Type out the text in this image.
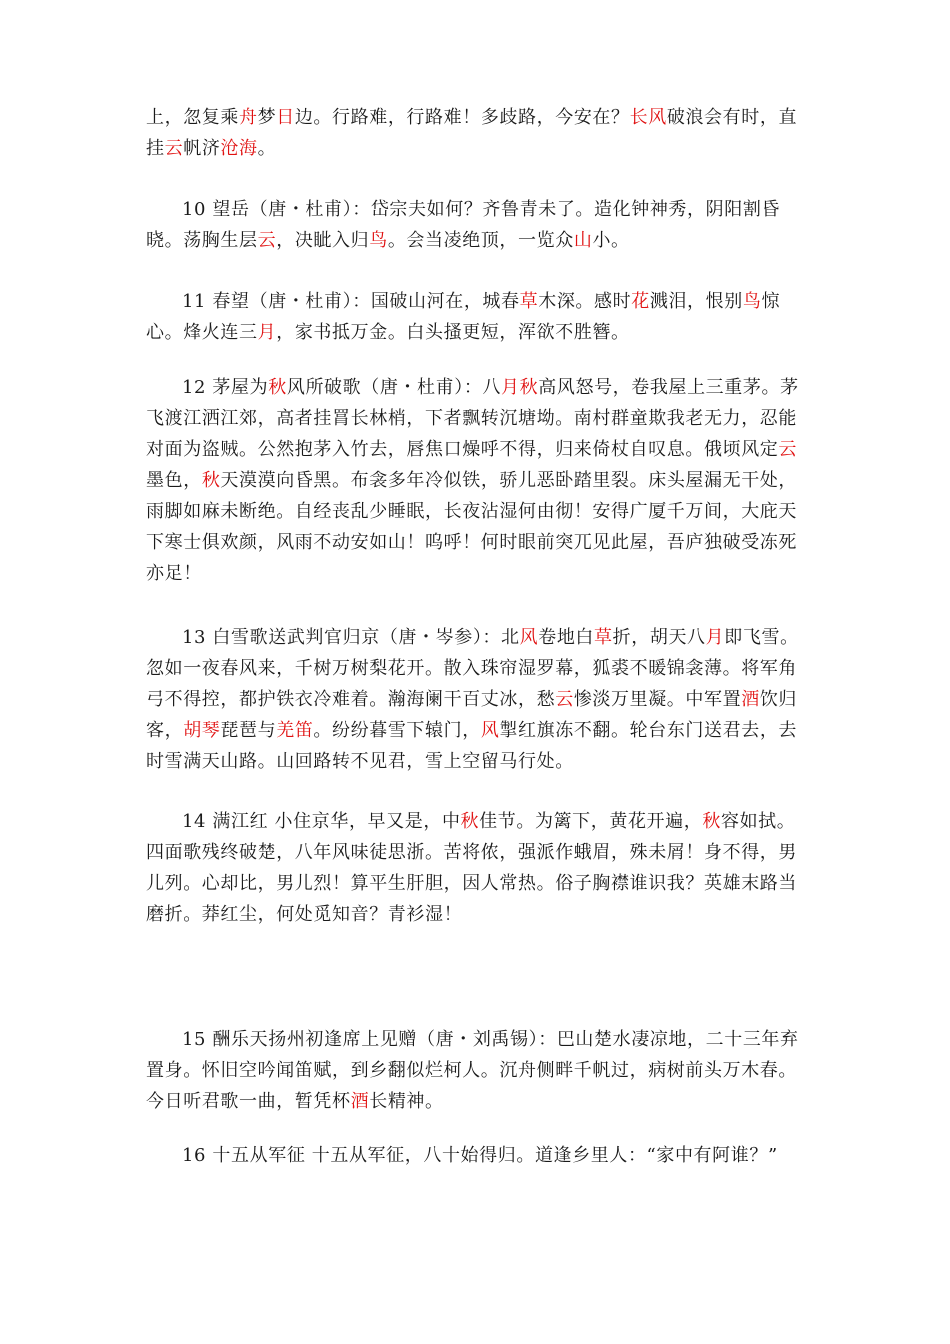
上，忽复乘舟梦日边。行路难，行路难！多歧路，今安在？长风破浪会有时，直挂云帆济沧海。

10 望岳（唐・杜甫）：岱宗夫如何？齐鲁青未了。造化钟神秀，阴阳割昏晓。荡胸生层云，决眦入归鸟。会当凌绝顶，一览众山小。

11 春望（唐・杜甫）：国破山河在，城春草木深。感时花溅泪，恨别鸟惊心。烽火连三月，家书抵万金。白头搔更短，浑欲不胜簪。

12 茅屋为秋风所破歌（唐・杜甫）：八月秋高风怒号，卷我屋上三重茅。茅飞渡江洒江郊，高者挂罥长林梢，下者飘转沉塘坳。南村群童欺我老无力，忍能对面为盗贼。公然抱茅入竹去，唇焦口燥呼不得，归来倚杖自叹息。俄顷风定云墨色，秋天漠漠向昏黑。布衾多年冷似铁，骄儿恶卧踏里裂。床头屋漏无干处，雨脚如麻未断绝。自经丧乱少睡眠，长夜沾湿何由彻！安得广厦千万间，大庇天下寒士俱欢颜，风雨不动安如山！呜呼！何时眼前突兀见此屋，吾庐独破受冻死亦足！

13 白雪歌送武判官归京（唐・岑参）：北风卷地白草折，胡天八月即飞雪。忽如一夜春风来，千树万树梨花开。散入珠帘湿罗幕，狐裘不暖锦衾薄。将军角弓不得控，都护铁衣冷难着。瀚海阑干百丈冰，愁云惨淡万里凝。中军置酒饮归客，胡琴琵琶与羌笛。纷纷暮雪下辕门，风掣红旗冻不翻。轮台东门送君去，去时雪满天山路。山回路转不见君，雪上空留马行处。

14 满江红 小住京华，早又是，中秋佳节。为篱下，黄花开遍，秋容如拭。四面歌残终破楚，八年风味徒思浙。苦将侬，强派作蛾眉，殊未屑！身不得，男儿列。心却比，男儿烈！算平生肝胆，因人常热。俗子胸襟谁识我？英雄末路当磨折。莽红尘，何处觅知音？青衫湿！

15 酬乐天扬州初逢席上见赠（唐・刘禹锡）：巴山楚水凄凉地，二十三年弃置身。怀旧空吟闻笛赋，到乡翻似烂柯人。沉舟侧畔千帆过，病树前头万木春。今日听君歌一曲，暂凭杯酒长精神。

16 十五从军征 十五从军征，八十始得归。道逢乡里人：“家中有阿谁？”
